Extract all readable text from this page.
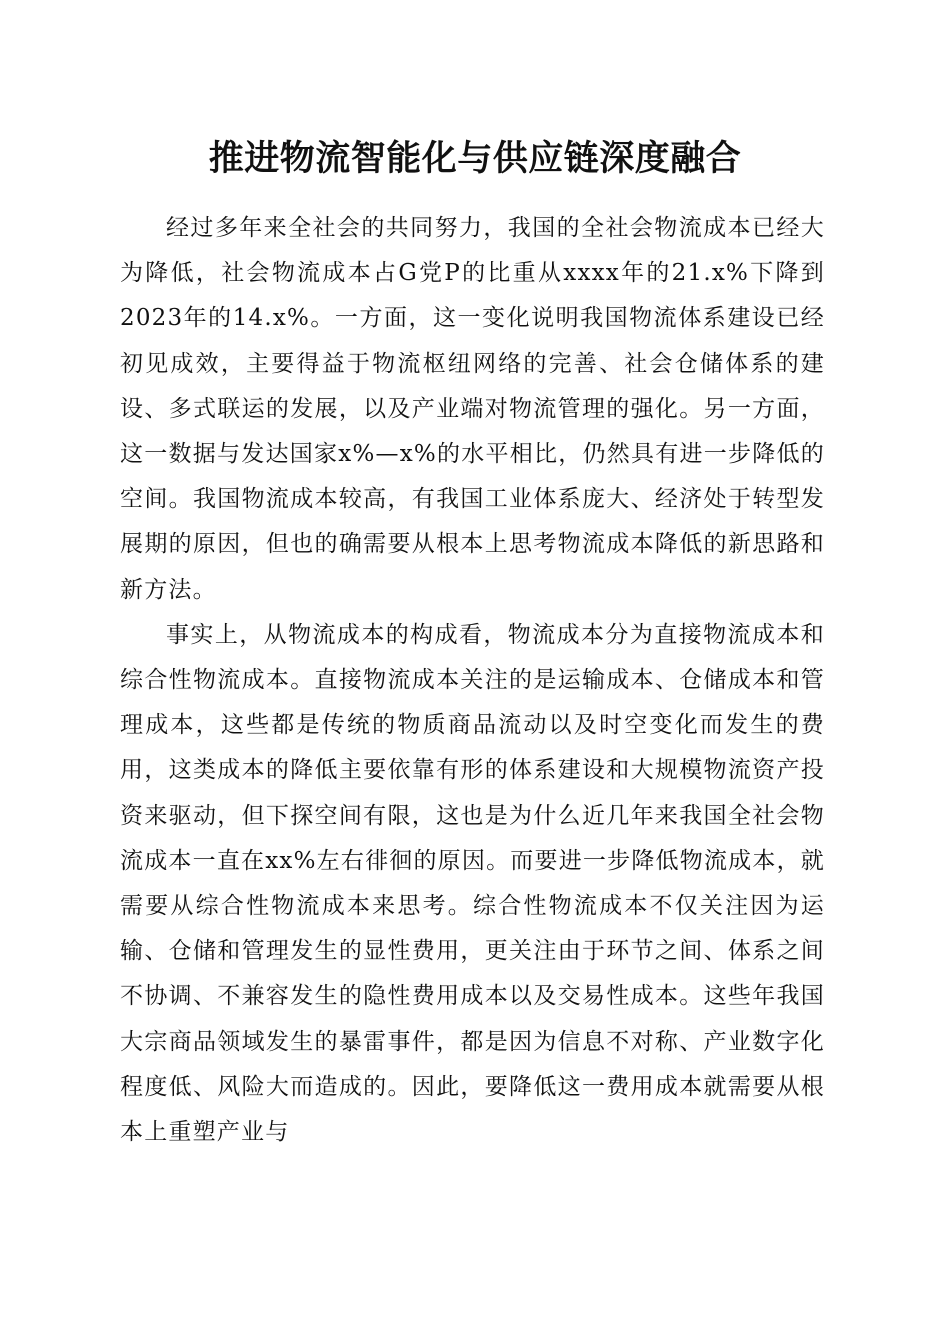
推进物流智能化与供应链深度融合

经过多年来全社会的共同努力，我国的全社会物流成本已经大为降低，社会物流成本占G党P的比重从xxxx年的21.x%下降到2023年的14.x%。一方面，这一变化说明我国物流体系建设已经初见成效，主要得益于物流枢纽网络的完善、社会仓储体系的建设、多式联运的发展，以及产业端对物流管理的强化。另一方面，这一数据与发达国家x%—x%的水平相比，仍然具有进一步降低的空间。我国物流成本较高，有我国工业体系庞大、经济处于转型发展期的原因，但也的确需要从根本上思考物流成本降低的新思路和新方法。

事实上，从物流成本的构成看，物流成本分为直接物流成本和综合性物流成本。直接物流成本关注的是运输成本、仓储成本和管理成本，这些都是传统的物质商品流动以及时空变化而发生的费用，这类成本的降低主要依靠有形的体系建设和大规模物流资产投资来驱动，但下探空间有限，这也是为什么近几年来我国全社会物流成本一直在xx%左右徘徊的原因。而要进一步降低物流成本，就需要从综合性物流成本来思考。综合性物流成本不仅关注因为运输、仓储和管理发生的显性费用，更关注由于环节之间、体系之间不协调、不兼容发生的隐性费用成本以及交易性成本。这些年我国大宗商品领域发生的暴雷事件，都是因为信息不对称、产业数字化程度低、风险大而造成的。因此，要降低这一费用成本就需要从根本上重塑产业与
